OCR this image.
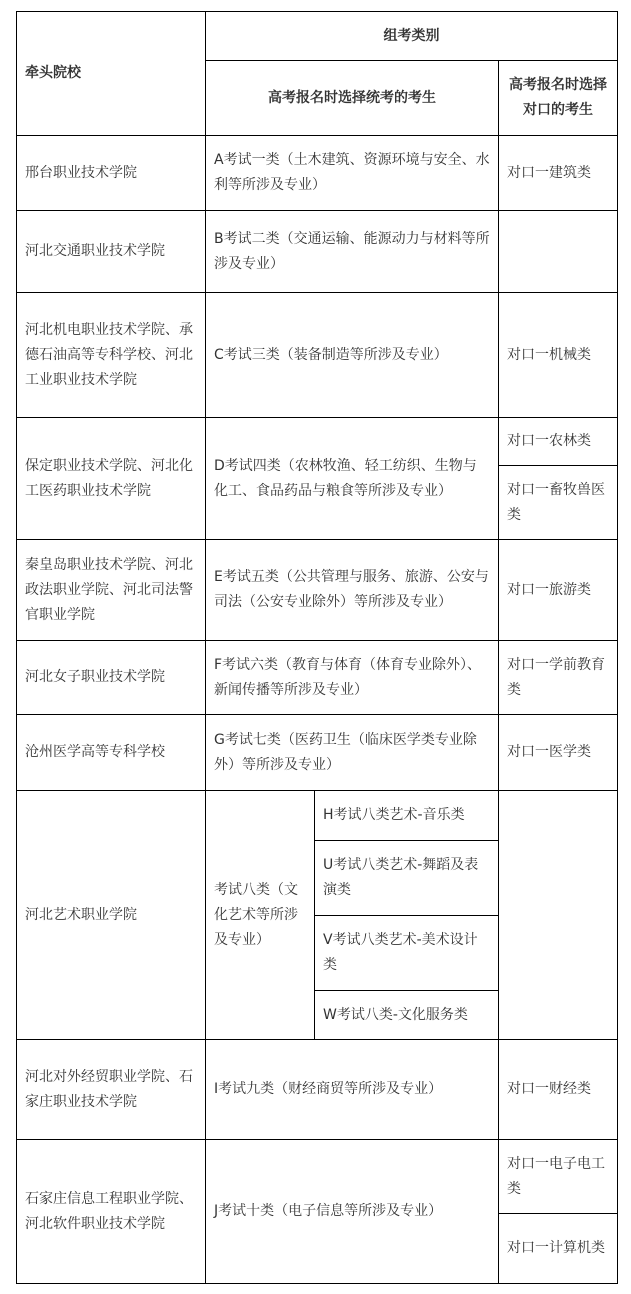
牵头院校	组考类别		
	高考报名时选择统考的考生		高考报名时选择对口的考生
邢台职业技术学院	A考试一类（土木建筑、资源环境与安全、水利等所涉及专业）		对口一建筑类
河北交通职业技术学院	B考试二类（交通运输、能源动力与材料等所涉及专业）		
河北机电职业技术学院、承德石油高等专科学校、河北工业职业技术学院	C考试三类（装备制造等所涉及专业）		对口一机械类
保定职业技术学院、河北化工医药职业技术学院	D考试四类（农林牧渔、轻工纺织、生物与化工、食品药品与粮食等所涉及专业）		对口一农林类
			对口一畜牧兽医类
秦皇岛职业技术学院、河北政法职业学院、河北司法警官职业学院	E考试五类（公共管理与服务、旅游、公安与司法（公安专业除外）等所涉及专业）		对口一旅游类
河北女子职业技术学院	F考试六类（教育与体育（体育专业除外）、新闻传播等所涉及专业）		对口一学前教育类
沧州医学高等专科学校	G考试七类（医药卫生（临床医学类专业除外）等所涉及专业）		对口一医学类
河北艺术职业学院	考试八类（文化艺术等所涉及专业）	H考试八类艺术-音乐类	
		U考试八类艺术-舞蹈及表演类	
		V考试八类艺术-美术设计类	
		W考试八类-文化服务类	
河北对外经贸职业学院、石家庄职业技术学院	I考试九类（财经商贸等所涉及专业）		对口一财经类
石家庄信息工程职业学院、河北软件职业技术学院	J考试十类（电子信息等所涉及专业）		对口一电子电工类
			对口一计算机类
